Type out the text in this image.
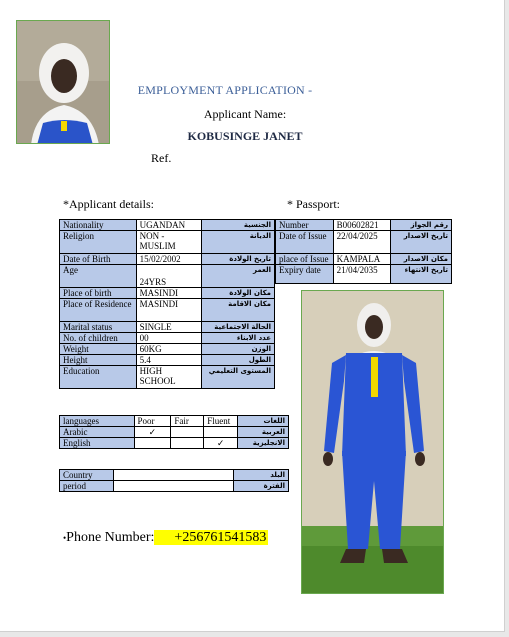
EMPLOYMENT APPLICATION -
Applicant Name:
KOBUSINGE JANET
Ref.
*Applicant details:	* Passport:
Nationality	UGANDAN	الجنسية
Religion	NON - MUSLIM	الديانة
Date of Birth	15/02/2002	تاريخ الولادة
Age	24YRS	العمر
Place of birth	MASINDI	مكان الولادة
Place of Residence	MASINDI	مكان الاقامة
Marital status	SINGLE	الحالة الاجتماعية
No. of children	00	عدد الابناء
Weight	60KG	الوزن
Height	5.4	الطول
Education	HIGH SCHOOL	المستوى التعليمي
Number	B00602821	رقم الجواز
Date of Issue	22/04/2025	تاريخ الاصدار
place of Issue	KAMPALA	مكان الاصدار
Expiry date	21/04/2035	تاريخ الانتهاء
languages	Poor	Fair	Fluent	اللغات
Arabic	✓			العربية
English			✓	الانجليزية
Country		البلد
period		الفترة
•Phone Number: +256761541583
